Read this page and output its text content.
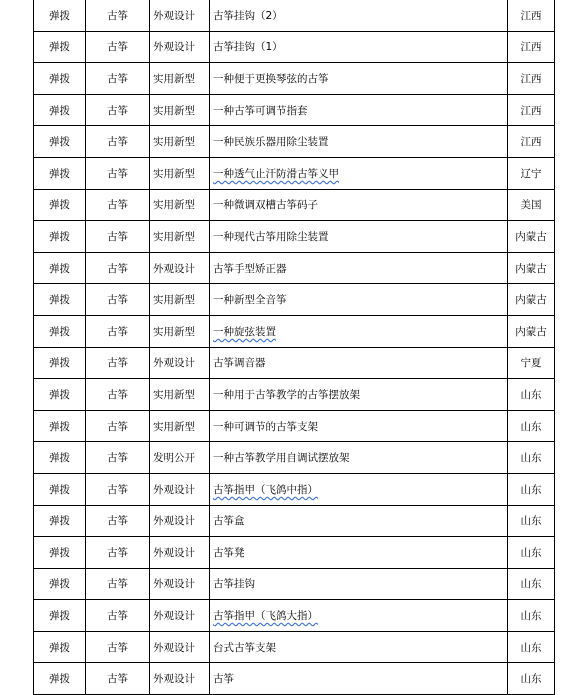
弹拨	古筝	外观设计	古筝挂钩（2）	江西
弹拨	古筝	外观设计	古筝挂钩（1）	江西
弹拨	古筝	实用新型	一种便于更换琴弦的古筝	江西
弹拨	古筝	实用新型	一种古筝可调节指套	江西
弹拨	古筝	实用新型	一种民族乐器用除尘装置	江西
弹拨	古筝	实用新型	一种透气止汗防滑古筝义甲	辽宁
弹拨	古筝	实用新型	一种微调双槽古筝码子	美国
弹拨	古筝	实用新型	一种现代古筝用除尘装置	内蒙古
弹拨	古筝	外观设计	古筝手型矫正器	内蒙古
弹拨	古筝	实用新型	一种新型全音筝	内蒙古
弹拨	古筝	实用新型	一种旋弦装置	内蒙古
弹拨	古筝	外观设计	古筝调音器	宁夏
弹拨	古筝	实用新型	一种用于古筝教学的古筝摆放架	山东
弹拨	古筝	实用新型	一种可调节的古筝支架	山东
弹拨	古筝	发明公开	一种古筝教学用自调试摆放架	山东
弹拨	古筝	外观设计	古筝指甲（飞鸽中指）	山东
弹拨	古筝	外观设计	古筝盒	山东
弹拨	古筝	外观设计	古筝凳	山东
弹拨	古筝	外观设计	古筝挂钩	山东
弹拨	古筝	外观设计	古筝指甲（飞鸽大指）	山东
弹拨	古筝	外观设计	台式古筝支架	山东
弹拨	古筝	外观设计	古筝	山东
